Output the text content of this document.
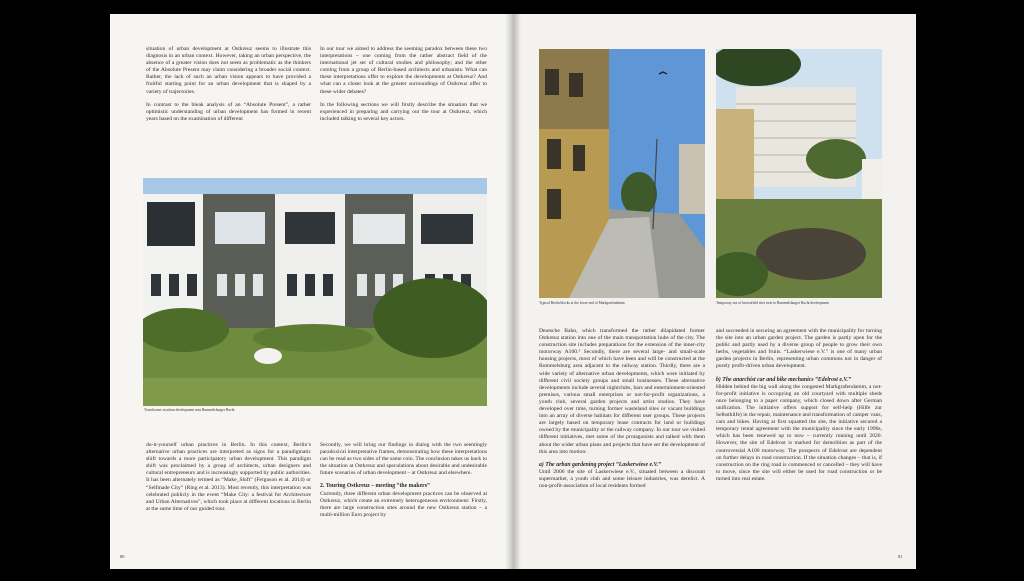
situation of urban development at Ostkreuz seems to illustrate this diagnosis in an urban context. However, taking an urban perspective, the absence of a greater vision does not seem as problematic as the thinkers of the Absolute Present may claim considering a broader social context. Rather, the lack of such an urban vision appears to have provided a fruitful starting point for an urban development that is shaped by a variety of trajectories.

In contrast to the bleak analysis of an “Absolute Present”, a rather optimistic understanding of urban development has formed in recent years based on the examination of different

In our tour we aimed to address the seeming paradox between these two interpretations – one coming from the rather abstract field of the international jet set of cultural studies and philosophy; and the other coming from a group of Berlin-based architects and urbanists. What can these interpretations offer to explore the developments at Ostkreuz? And what can a closer look at the greater surroundings of Ostkreuz offer to these wider debates?

In the following sections we will firstly describe the situation that we experienced in preparing and carrying out the tour at Ostkreuz, which included talking to several key actors.

Townhouses in urban development area Rummelsburger Bucht

do-it-yourself urban practices in Berlin. In this context, Berlin’s alternative urban practices are interpreted as signs for a paradigmatic shift towards a more participatory urban development. This paradigm shift was proclaimed by a group of architects, urban designers and cultural entrepreneurs and is increasingly supported by public authorities. It has been alternately termed as “Make_Shift” (Ferguson et al. 2014) or “Selfmade City” (Ring et al. 2013). Most recently, this interpretation was celebrated publicly in the event “Make City: a festival for Architecture and Urban Alternatives”, which took place at different locations in Berlin at the same time of our guided tour.

Secondly, we will bring our findings in dialog with the two seemingly paradoxical interpretative frames, demonstrating how these interpretations can be read as two sides of the same coin. The conclusion takes us back to the situation at Ostkreuz and speculations about desirable and undesirable future scenarios of urban development – at Ostkreuz and elsewhere.

2. Touring Ostkreuz – meeting “the makers”

Currently, three different urban development practices can be observed at Ostkreuz, which create an extremely heterogeneous environment: Firstly, there are large construction sites around the new Ostkreuz station – a multi-million Euro project by

80
Typical Berlin blocks at the lower end of Markgrafendamm	Temporary use of brownfield sites next to Rummelsburger Bucht development

Deutsche Bahn, which transformed the rather dilapidated former Ostkreuz station into one of the main transportation hubs of the city. The construction site includes preparations for the extension of the inner-city motorway A100.⁵ Secondly, there are several large- and small-scale housing projects, most of which have been and will be constructed at the Rummelsburg area adjacent to the railway station. Thirdly, there are a wide variety of alternative urban developments, which were initiated by different civil society groups and small businesses. These alternative developments include several nightclubs, bars and entertainment-oriented premises, various small enterprises or not-for-profit organizations, a youth club, several garden projects and artist studios. They have developed over time, turning former wasteland sites or vacant buildings into an array of diverse habitats for different user groups. These projects are largely based on temporary lease contracts for land or buildings owned by the municipality or the railway company. In our tour we visited different initiatives, met some of the protagonists and talked with them about the wider urban plans and projects that have set the development of this area into motion:

a) The urban gardening project “Laskerwiese e.V.”

Until 2006 the site of Laskerwiese e.V., situated between a discount supermarket, a youth club and some leisure industries, was derelict. A non-profit-association of local residents formed

and succeeded in securing an agreement with the municipality for turning the site into an urban garden project. The garden is partly open for the public and partly used by a diverse group of people to grow their own herbs, vegetables and fruits. “Laskerwiese e.V.” is one of many urban garden projects in Berlin, representing urban commons not in danger of purely profit-driven urban development.

b) The anarchist car and bike mechanics “Edelrost e.V.”

Hidden behind the big wall along the congested Markgrafendamm, a not-for-profit initiative is occupying an old courtyard with multiple sheds once belonging to a paper company, which closed down after German unification. The initiative offers support for self-help (Hilfe zur Selbsthilfe) in the repair, maintenance and transformation of camper vans, cars and bikes. Having at first squatted the site, the initiative secured a temporary rental agreement with the municipality since the early 1990s, which has been renewed up to now – currently running until 2020. However, the site of Edelrost is marked for demolition as part of the controversial A100 motorway. The prospects of Edelrost are dependent on further delays in road construction. If the situation changes – that is, if construction on the ring road is commenced or cancelled – they will have to move, since the site will either be used for road construction or be turned into real estate.

81
